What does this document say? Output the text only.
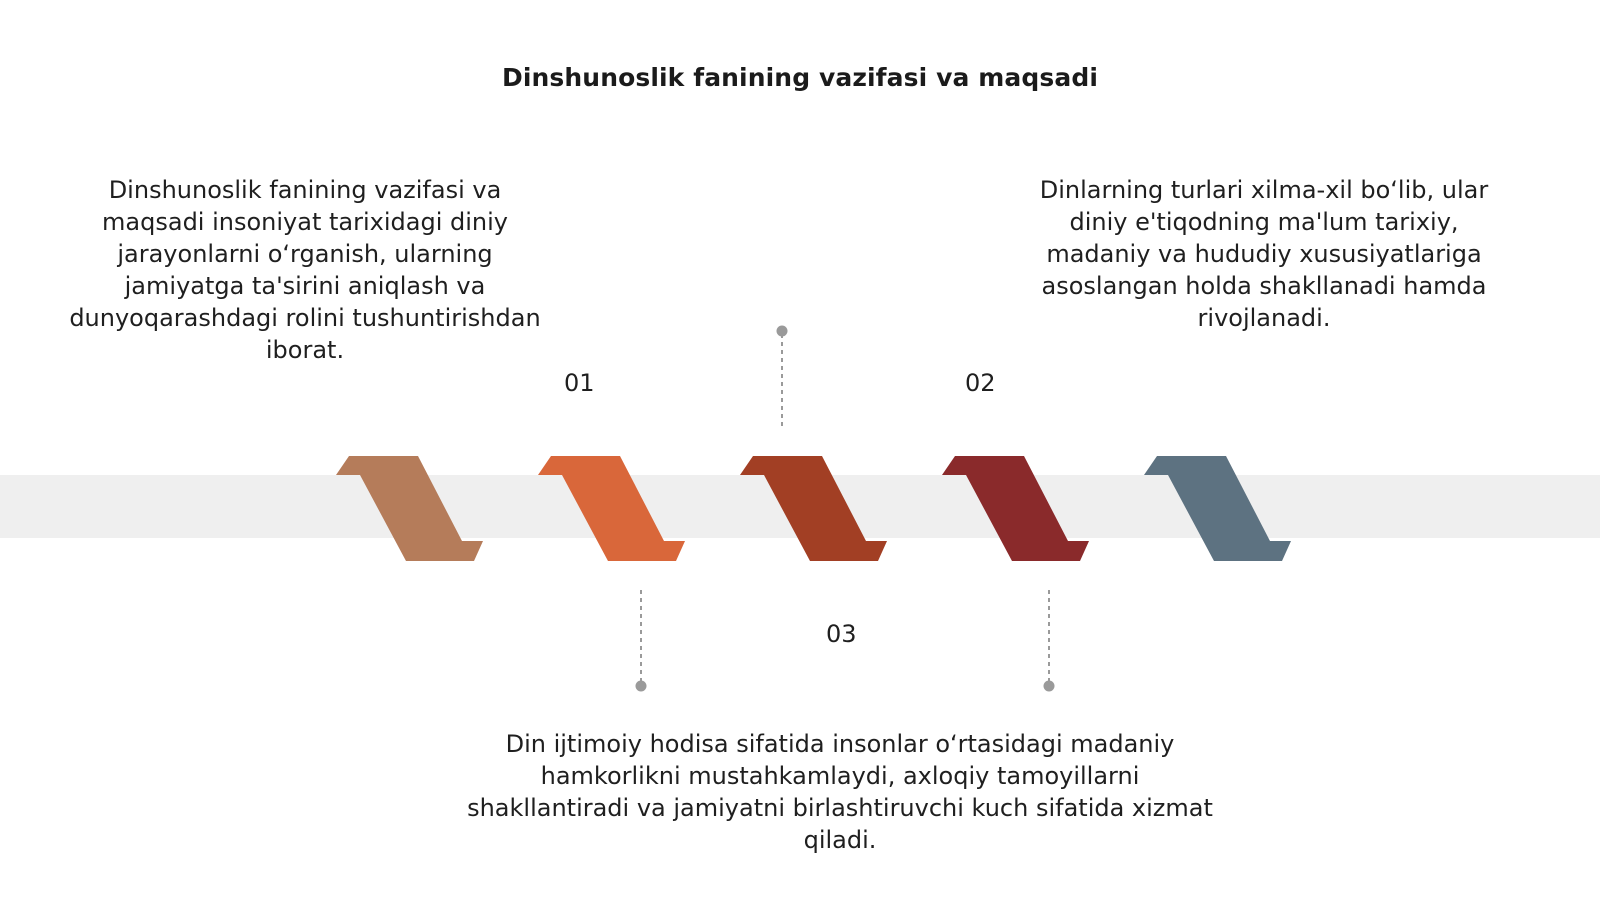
Dinshunoslik fanining vazifasi va maqsadi
Dinshunoslik fanining vazifasi va maqsadi insoniyat tarixidagi diniy jarayonlarni o‘rganish, ularning jamiyatga ta'sirini aniqlash va dunyoqarashdagi rolini tushuntirishdan iborat.
Dinlarning turlari xilma-xil bo‘lib, ular diniy e'tiqodning ma'lum tarixiy, madaniy va hududiy xususiyatlariga asoslangan holda shakllanadi hamda rivojlanadi.
Din ijtimoiy hodisa sifatida insonlar o‘rtasidagi madaniy hamkorlikni mustahkamlaydi, axloqiy tamoyillarni shakllantiradi va jamiyatni birlashtiruvchi kuch sifatida xizmat qiladi.
01	02
03
